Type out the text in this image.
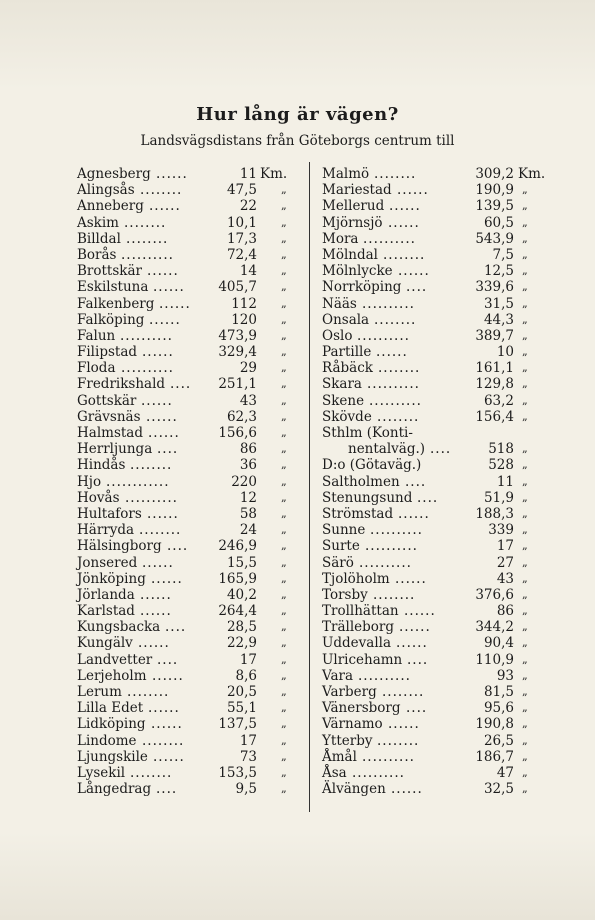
Hur lång är vägen?
Landsvägsdistans från Göteborgs centrum till
Agnesberg ......	11 Km.
Alingsås ........	47,5 „
Anneberg ......	22 „
Askim ........	10,1 „
Billdal ........	17,3 „
Borås ..........	72,4 „
Brottskär ......	14 „
Eskilstuna ......	405,7 „
Falkenberg ......	112 „
Falköping ......	120 „
Falun ..........	473,9 „
Filipstad ......	329,4 „
Floda ..........	29 „
Fredrikshald ....	251,1 „
Gottskär ......	43 „
Grävsnäs ......	62,3 „
Halmstad ......	156,6 „
Herrljunga ....	86 „
Hindås ........	36 „
Hjo ............	220 „
Hovås ..........	12 „
Hultafors ......	58 „
Härryda ........	24 „
Hälsingborg ....	246,9 „
Jonsered ......	15,5 „
Jönköping ......	165,9 „
Jörlanda ......	40,2 „
Karlstad ......	264,4 „
Kungsbacka ....	28,5 „
Kungälv ......	22,9 „
Landvetter ....	17 „
Lerjeholm ......	8,6 „
Lerum ........	20,5 „
Lilla Edet ......	55,1 „
Lidköping ......	137,5 „
Lindome ........	17 „
Ljungskile ......	73 „
Lysekil ........	153,5 „
Långedrag ....	9,5 „
Malmö ........	309,2 Km.
Mariestad ......	190,9 „
Mellerud ......	139,5 „
Mjörnsjö ......	60,5 „
Mora ..........	543,9 „
Mölndal ........	7,5 „
Mölnlycke ......	12,5 „
Norrköping ....	339,6 „
Nääs ..........	31,5 „
Onsala ........	44,3 „
Oslo ..........	389,7 „
Partille ......	10 „
Råbäck ........	161,1 „
Skara ..........	129,8 „
Skene ..........	63,2 „
Skövde ........	156,4 „
Sthlm (Konti-
nentalväg.) ....	518 „
D:o (Götaväg.)	528 „
Saltholmen ....	11 „
Stenungsund ....	51,9 „
Strömstad ......	188,3 „
Sunne ..........	339 „
Surte ..........	17 „
Särö ..........	27 „
Tjolöholm ......	43 „
Torsby ........	376,6 „
Trollhättan ......	86 „
Trälleborg ......	344,2 „
Uddevalla ......	90,4 „
Ulricehamn ....	110,9 „
Vara ..........	93 „
Varberg ........	81,5 „
Vänersborg ....	95,6 „
Värnamo ......	190,8 „
Ytterby ........	26,5 „
Åmål ..........	186,7 „
Åsa ..........	47 „
Älvängen ......	32,5 „
